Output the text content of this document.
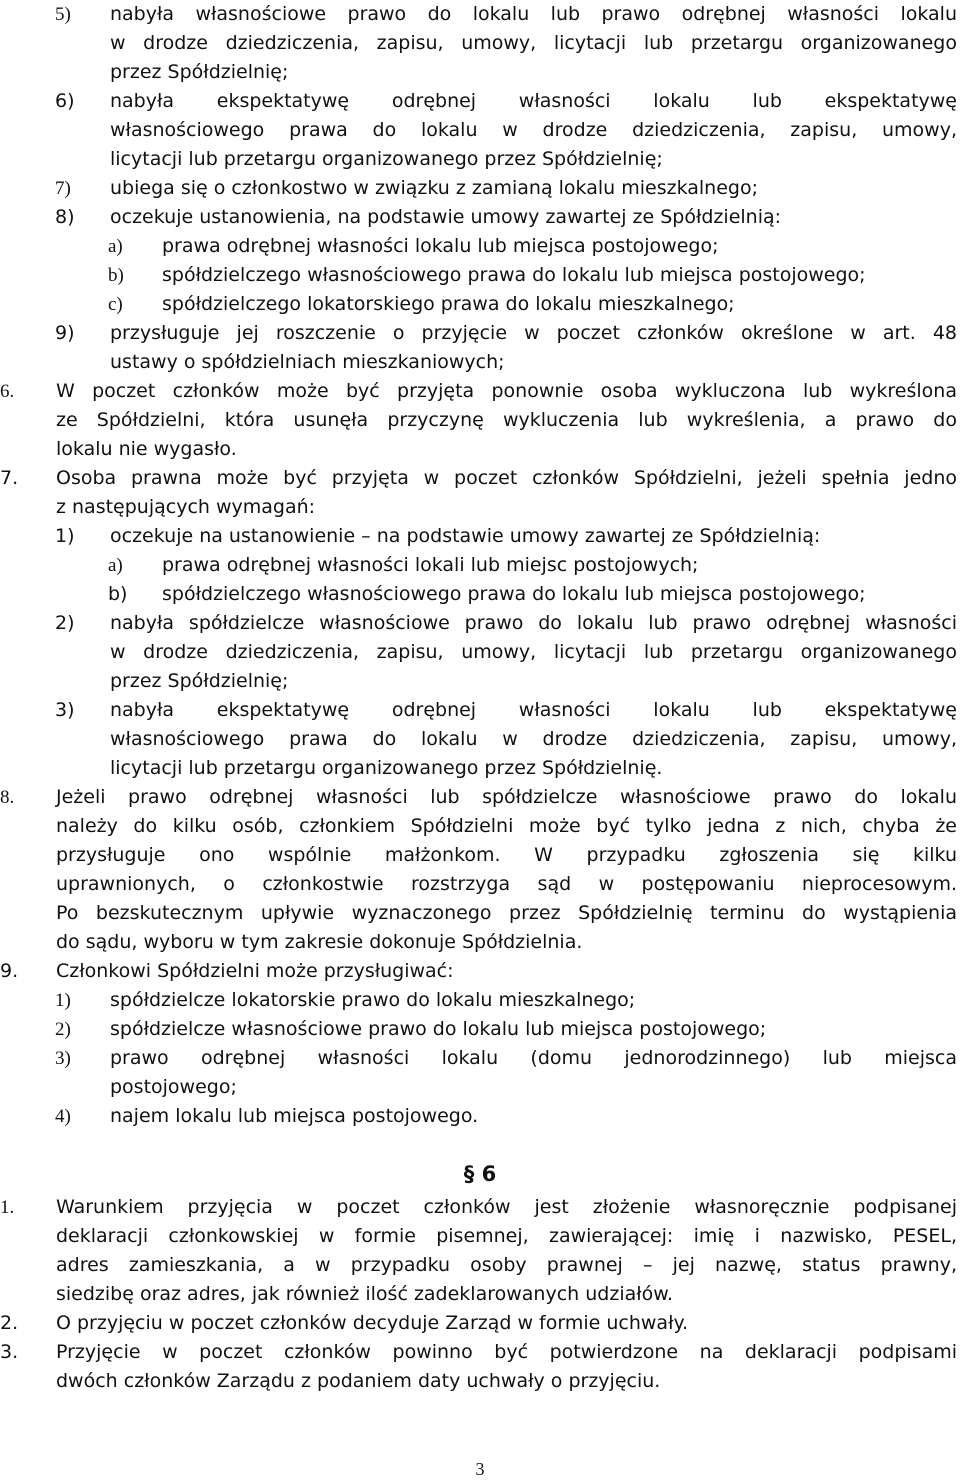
§ 6
3
5) nabyła własnościowe prawo do lokalu lub prawo odrębnej własności lokalu
w drodze dziedziczenia, zapisu, umowy, licytacji lub przetargu organizowanego
przez Spółdzielnię;
6) nabyła ekspektatywę odrębnej własności lokalu lub ekspektatywę
własnościowego prawa do lokalu w drodze dziedziczenia, zapisu, umowy,
licytacji lub przetargu organizowanego przez Spółdzielnię;
7) ubiega się o członkostwo w związku z zamianą lokalu mieszkalnego;
8) oczekuje ustanowienia, na podstawie umowy zawartej ze Spółdzielnią:
a) prawa odrębnej własności lokalu lub miejsca postojowego;
b) spółdzielczego własnościowego prawa do lokalu lub miejsca postojowego;
c) spółdzielczego lokatorskiego prawa do lokalu mieszkalnego;
9) przysługuje jej roszczenie o przyjęcie w poczet członków określone w art. 48
ustawy o spółdzielniach mieszkaniowych;
6. W poczet członków może być przyjęta ponownie osoba wykluczona lub wykreślona
ze Spółdzielni, która usunęła przyczynę wykluczenia lub wykreślenia, a prawo do
lokalu nie wygasło.
7. Osoba prawna może być przyjęta w poczet członków Spółdzielni, jeżeli spełnia jedno
z następujących wymagań:
1) oczekuje na ustanowienie – na podstawie umowy zawartej ze Spółdzielnią:
a) prawa odrębnej własności lokali lub miejsc postojowych;
b) spółdzielczego własnościowego prawa do lokalu lub miejsca postojowego;
2) nabyła spółdzielcze własnościowe prawo do lokalu lub prawo odrębnej własności
w drodze dziedziczenia, zapisu, umowy, licytacji lub przetargu organizowanego
przez Spółdzielnię;
3) nabyła ekspektatywę odrębnej własności lokalu lub ekspektatywę
własnościowego prawa do lokalu w drodze dziedziczenia, zapisu, umowy,
licytacji lub przetargu organizowanego przez Spółdzielnię.
8. Jeżeli prawo odrębnej własności lub spółdzielcze własnościowe prawo do lokalu
należy do kilku osób, członkiem Spółdzielni może być tylko jedna z nich, chyba że
przysługuje ono wspólnie małżonkom. W przypadku zgłoszenia się kilku
uprawnionych, o członkostwie rozstrzyga sąd w postępowaniu nieprocesowym.
Po bezskutecznym upływie wyznaczonego przez Spółdzielnię terminu do wystąpienia
do sądu, wyboru w tym zakresie dokonuje Spółdzielnia.
9. Członkowi Spółdzielni może przysługiwać:
1) spółdzielcze lokatorskie prawo do lokalu mieszkalnego;
2) spółdzielcze własnościowe prawo do lokalu lub miejsca postojowego;
3) prawo odrębnej własności lokalu (domu jednorodzinnego) lub miejsca
postojowego;
4) najem lokalu lub miejsca postojowego.
1. Warunkiem przyjęcia w poczet członków jest złożenie własnoręcznie podpisanej
deklaracji członkowskiej w formie pisemnej, zawierającej: imię i nazwisko, PESEL,
adres zamieszkania, a w przypadku osoby prawnej – jej nazwę, status prawny,
siedzibę oraz adres, jak również ilość zadeklarowanych udziałów.
2. O przyjęciu w poczet członków decyduje Zarząd w formie uchwały.
3. Przyjęcie w poczet członków powinno być potwierdzone na deklaracji podpisami
dwóch członków Zarządu z podaniem daty uchwały o przyjęciu.
